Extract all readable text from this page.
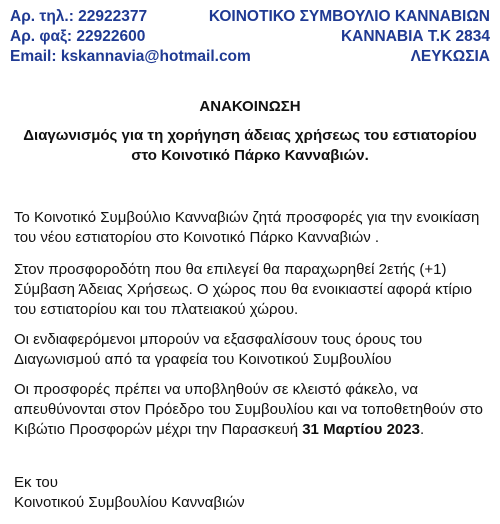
Αρ. τηλ.: 22922377	ΚΟΙΝΟΤΙΚΟ ΣΥΜΒΟΥΛΙΟ ΚΑΝΝΑΒΙΩΝ
Αρ. φαξ: 22922600	ΚΑΝΝΑΒΙΑ Τ.Κ 2834
Email: kskannavia@hotmail.com	ΛΕΥΚΩΣΙΑ
ΑΝΑΚΟΙΝΩΣΗ
Διαγωνισμός για τη χορήγηση άδειας χρήσεως του εστιατορίου στο Κοινοτικό Πάρκο Κανναβιών.

Το Κοινοτικό Συμβούλιο Κανναβιών ζητά προσφορές για την ενοικίαση του νέου εστιατορίου στο Κοινοτικό Πάρκο Κανναβιών .

Στον προσφοροδότη που θα επιλεγεί θα παραχωρηθεί 2ετής (+1) Σύμβαση Άδειας Χρήσεως. Ο χώρος που θα ενοικιαστεί αφορά κτίριο του εστιατορίου και του πλατειακού χώρου.

Οι ενδιαφερόμενοι μπορούν να εξασφαλίσουν τους όρους του Διαγωνισμού από τα γραφεία του Κοινοτικού Συμβουλίου

Οι προσφορές πρέπει να υποβληθούν σε κλειστό φάκελο, να απευθύνονται στον Πρόεδρο του Συμβουλίου και να τοποθετηθούν στο Κιβώτιο Προσφορών μέχρι την Παρασκευή 31 Μαρτίου 2023.

Εκ του
Κοινοτικού Συμβουλίου Κανναβιών
